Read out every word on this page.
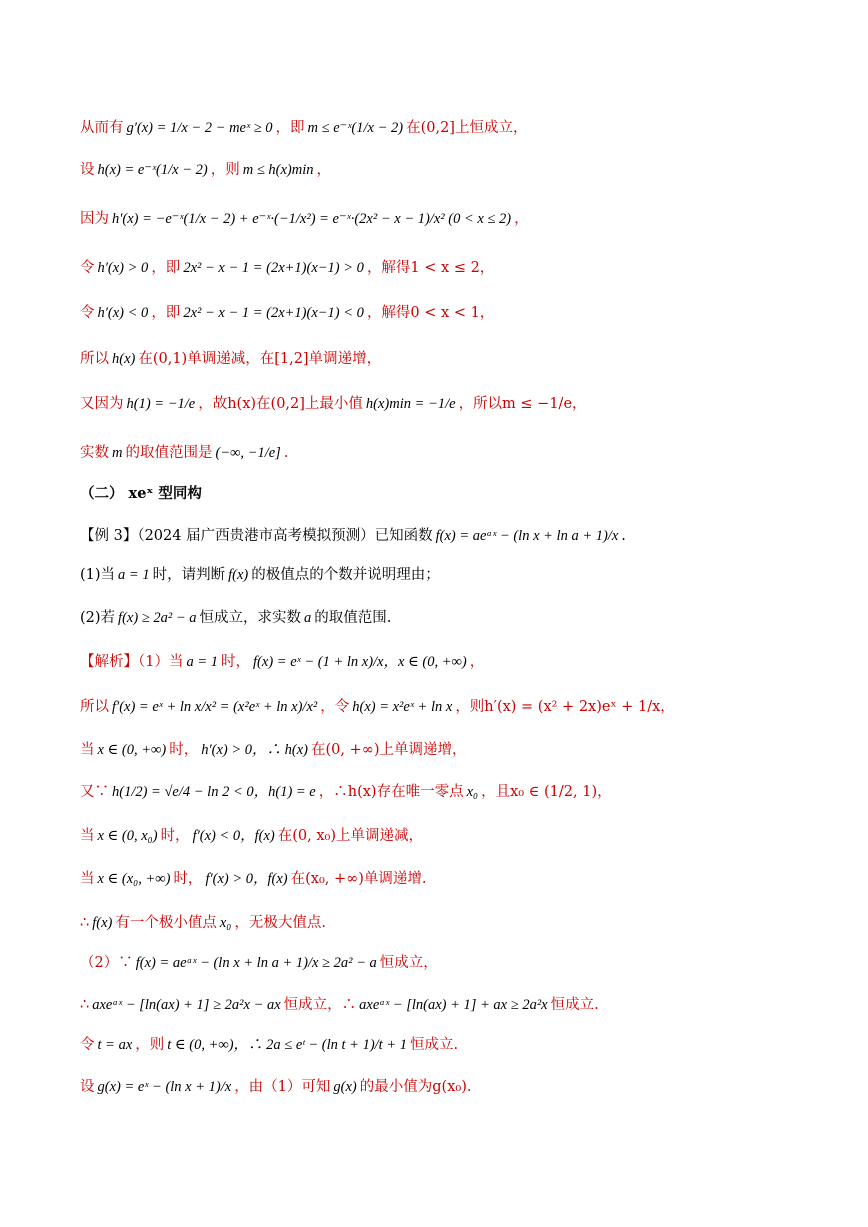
从而有 g′(x) = 1/x − 2 − meˣ ≥ 0 ，即 m ≤ e⁻ˣ(1/x − 2) 在(0,2]上恒成立，
设 h(x) = e⁻ˣ(1/x − 2) ，则 m ≤ h(x)min ，
因为 h′(x) = −e⁻ˣ(1/x − 2) + e⁻ˣ·(−1/x²) = e⁻ˣ·(2x² − x − 1)/x² (0 < x ≤ 2) ，
令 h′(x) > 0 ，即 2x² − x − 1 = (2x+1)(x−1) > 0 ，解得1 < x ≤ 2，
令 h′(x) < 0 ，即 2x² − x − 1 = (2x+1)(x−1) < 0 ，解得0 < x < 1，
所以 h(x) 在(0,1)单调递减，在[1,2]单调递增，
又因为 h(1) = −1/e ，故h(x)在(0,2]上最小值 h(x)min = −1/e ，所以m ≤ −1/e，
实数 m 的取值范围是 (−∞, −1/e] .
（二） xeˣ 型同构
【例 3】（2024 届广西贵港市高考模拟预测）已知函数 f(x) = aeᵃˣ − (ln x + ln a + 1)/x .
(1)当 a = 1 时，请判断 f(x) 的极值点的个数并说明理由；
(2)若 f(x) ≥ 2a² − a 恒成立，求实数 a 的取值范围.
【解析】（1）当 a = 1 时， f(x) = eˣ − (1 + ln x)/x，x ∈ (0, +∞) ，
所以 f′(x) = eˣ + ln x/x² = (x²eˣ + ln x)/x² ，令 h(x) = x²eˣ + ln x ，则h′(x) = (x² + 2x)eˣ + 1/x，
当 x ∈ (0, +∞) 时， h′(x) > 0，∴ h(x) 在(0, +∞)上单调递增，
又∵ h(1/2) = √e/4 − ln 2 < 0，h(1) = e ，∴h(x)存在唯一零点 x₀ ，且x₀ ∈ (1/2, 1)，
当 x ∈ (0, x₀) 时， f′(x) < 0，f(x) 在(0, x₀)上单调递减，
当 x ∈ (x₀, +∞) 时， f′(x) > 0，f(x) 在(x₀, +∞)单调递增.
∴ f(x) 有一个极小值点 x₀ ，无极大值点.
（2）∵ f(x) = aeᵃˣ − (ln x + ln a + 1)/x ≥ 2a² − a 恒成立，
∴ axeᵃˣ − [ln(ax) + 1] ≥ 2a²x − ax 恒成立，∴ axeᵃˣ − [ln(ax) + 1] + ax ≥ 2a²x 恒成立.
令 t = ax ，则 t ∈ (0, +∞)，∴ 2a ≤ eᵗ − (ln t + 1)/t + 1 恒成立.
设 g(x) = eˣ − (ln x + 1)/x ，由（1）可知 g(x) 的最小值为g(x₀).
